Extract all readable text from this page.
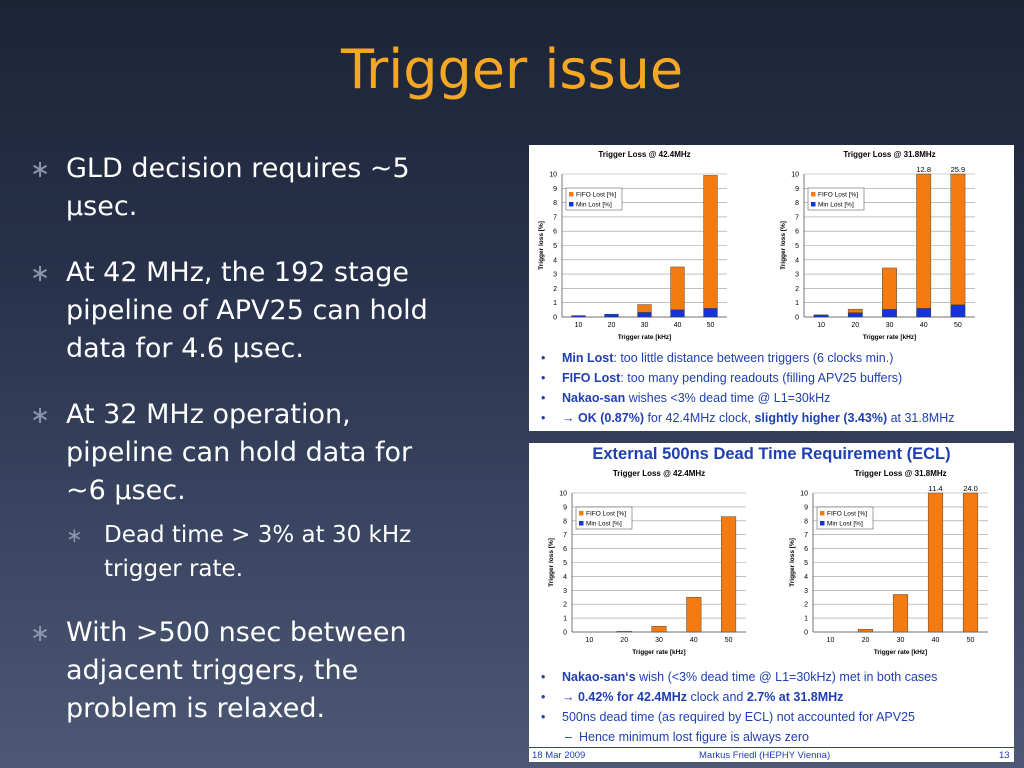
Trigger issue
∗ GLD decision requires ~5
μsec.
∗ At 42 MHz, the 192 stage
pipeline of APV25 can hold
data for 4.6 μsec.
∗ At 32 MHz operation,
pipeline can hold data for
~6 μsec.
∗ Dead time > 3% at 30 kHz
trigger rate.
∗ With >500 nsec between
adjacent triggers, the
problem is relaxed.
Trigger Loss @ 42.4MHz
0
1
2
3
4
5
6
7
8
9
10
10	20	30	40	50
Trigger rate [kHz]
Trigger loss [%]
FIFO Lost [%]
Min Lost [%]
Trigger Loss @ 31.8MHz
0
1
2
3
4
5
6
7
8
9
10
10	20	30	40
12.8
50
25.9
Trigger rate [kHz]
Trigger loss [%]
FIFO Lost [%]
Min Lost [%]
• Min Lost: too little distance between triggers (6 clocks min.)
• FIFO Lost: too many pending readouts (filling APV25 buffers)
• Nakao-san wishes <3% dead time @ L1=30kHz
• → OK (0.87%) for 42.4MHz clock, slightly higher (3.43%) at 31.8MHz
External 500ns Dead Time Requirement (ECL)
Trigger Loss @ 42.4MHz
0
1
2
3
4
5
6
7
8
9
10
10	20	30	40	50
Trigger rate [kHz]
Trigger loss [%]
FIFO Lost [%]
Min Lost [%]
Trigger Loss @ 31.8MHz
0
1
2
3
4
5
6
7
8
9
10
10	20	30	40
11.4
50
24.0
Trigger rate [kHz]
Trigger loss [%]
FIFO Lost [%]
Min Lost [%]
• Nakao-san‘s wish (<3% dead time @ L1=30kHz) met in both cases
• → 0.42% for 42.4MHz clock and 2.7% at 31.8MHz
• 500ns dead time (as required by ECL) not accounted for APV25
– Hence minimum lost figure is always zero
18 Mar 2009	Markus Friedl (HEPHY Vienna)	13
